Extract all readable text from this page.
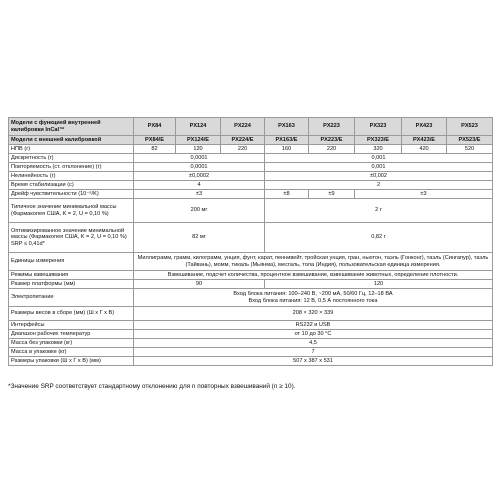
Модели с функцией внутренней калибровки InCal™	PX84	PX124	PX224	PX163	PX223	PX323	PX423	PX523
Модели с внешней калибровкой	PX84/E	PX124/E	PX224/E	PX163/E	PX223/E	PX323/E	PX423/E	PX523/E
НПВ (г)	82	120	220	160	220	320	420	520
Дискретность (г)	0,0001			0,001				
Повторяемость (ст. отклонение) (г)	0,0001			0,001				
Нелинейность (г)	±0,0002			±0,002				
Время стабилизации (с)	4			2				
Дрейф чувствительности (10⁻⁶/K)	±3			±8	±9	±3		
Типичное значение минимальной массы (Фармакопея США, K = 2, U = 0,10 %)	200 мг			2 г				
Оптимизированное значение минимальной массы (Фармакопея США, K = 2, U = 0,10 %) SRP ≤ 0,41d*	82 мг			0,82 г				
Единицы измерения	Миллиграмм, грамм, килограмм, унция, фунт, карат, пеннивейт, тройская унция, гран, ньютон, таэль (Гонконг), таэль (Сингапур), таэль (Тайвань), момм, тикаль (Мьянма), месгаль, тола (Индия), пользовательская единица измерения.							
Режимы взвешивания	Взвешивание, подсчет количества, процентное взвешивание, взвешивание животных, определение плотности.							
Размер платформы (мм)	90			120				
Электропитание	Вход блока питания: 100–240 В, ~200 мА, 50/60 Гц, 12–18 ВА
Вход блока питания: 12 В, 0,5 А постоянного тока							

Размеры весов в сборе (мм) (Ш x Г x В)	208 × 320 × 339							
Интерфейсы	RS232 и USB							
Диапазон рабочих температур	от 10 до 30 °C							
Масса без упаковки (кг)	4,5							
Масса в упаковке (кг)	7							
Размеры упаковки (Ш x Г x В) (мм)	507 x 387 x 531							
*Значение SRP соответствует стандартному отклонению для n повторных взвешиваний (n ≥ 10).
